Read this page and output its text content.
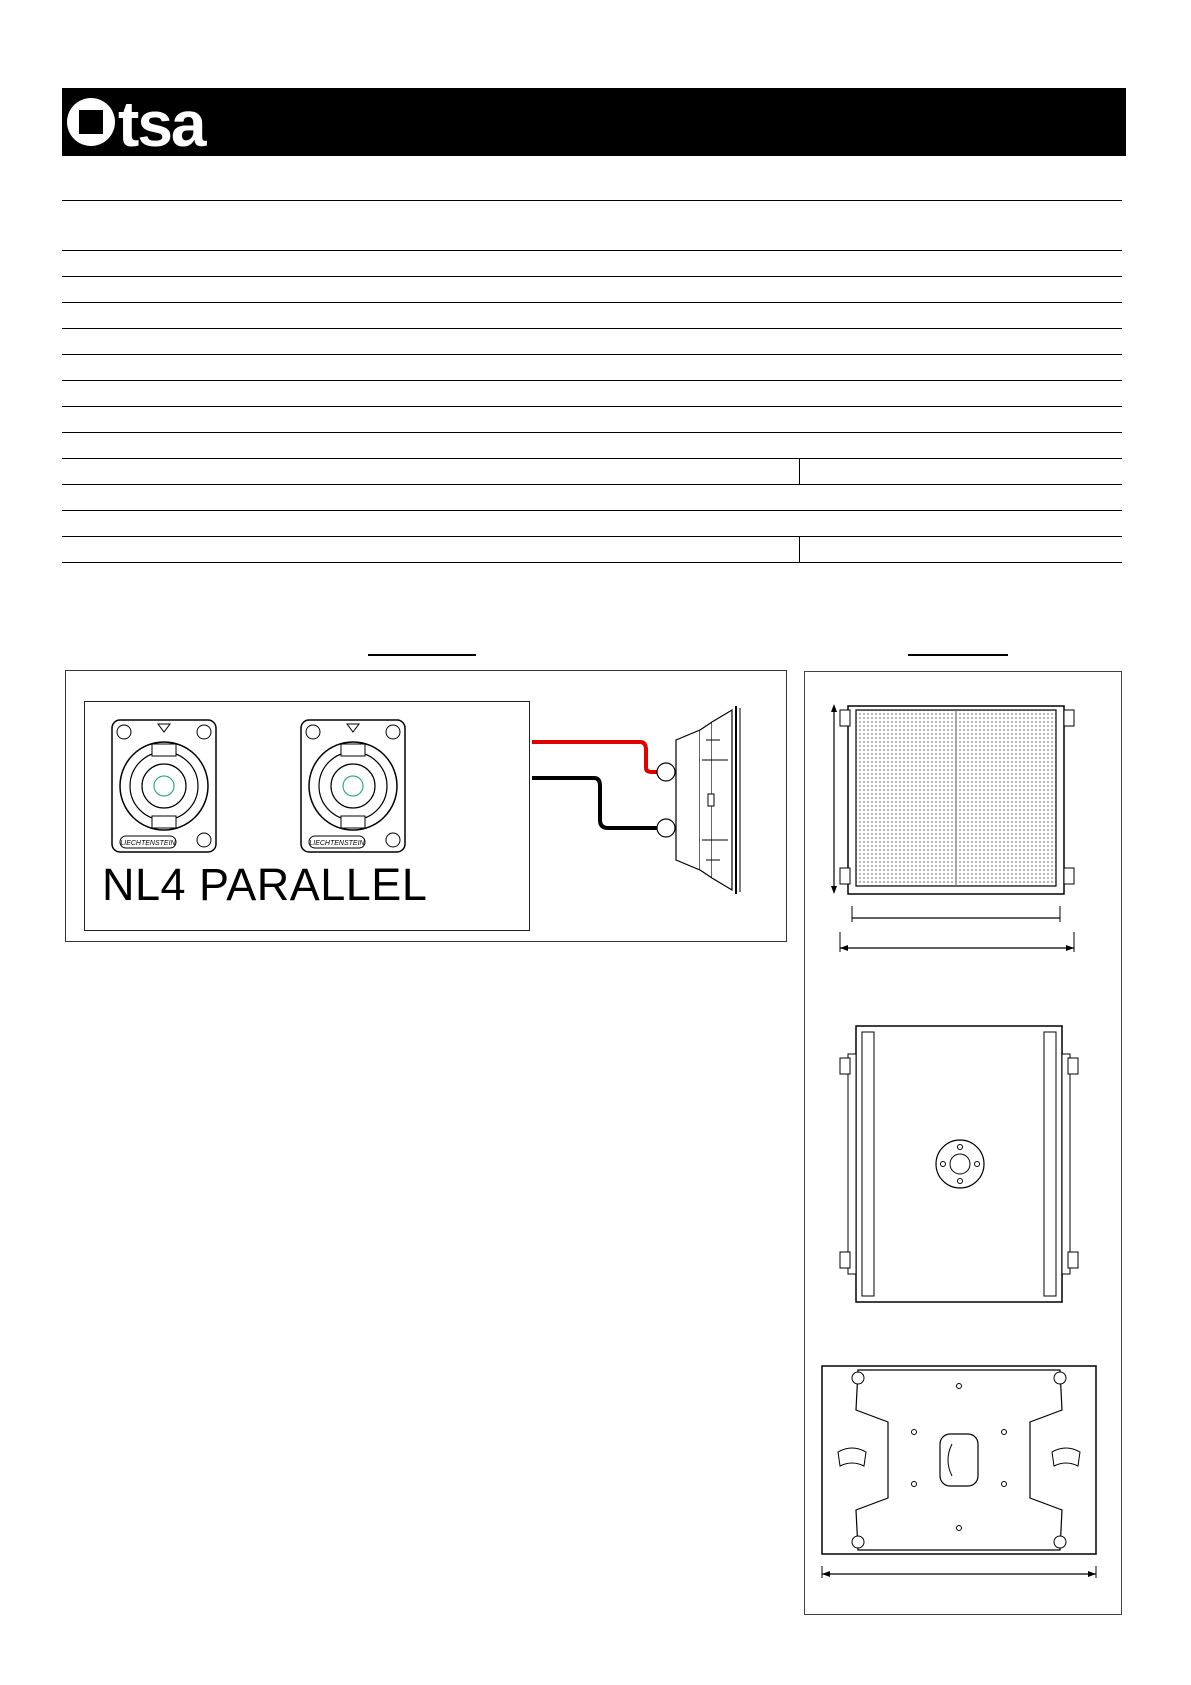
tsa
LIECHTENSTEIN	LIECHTENSTEIN
NL4 PARALLEL
